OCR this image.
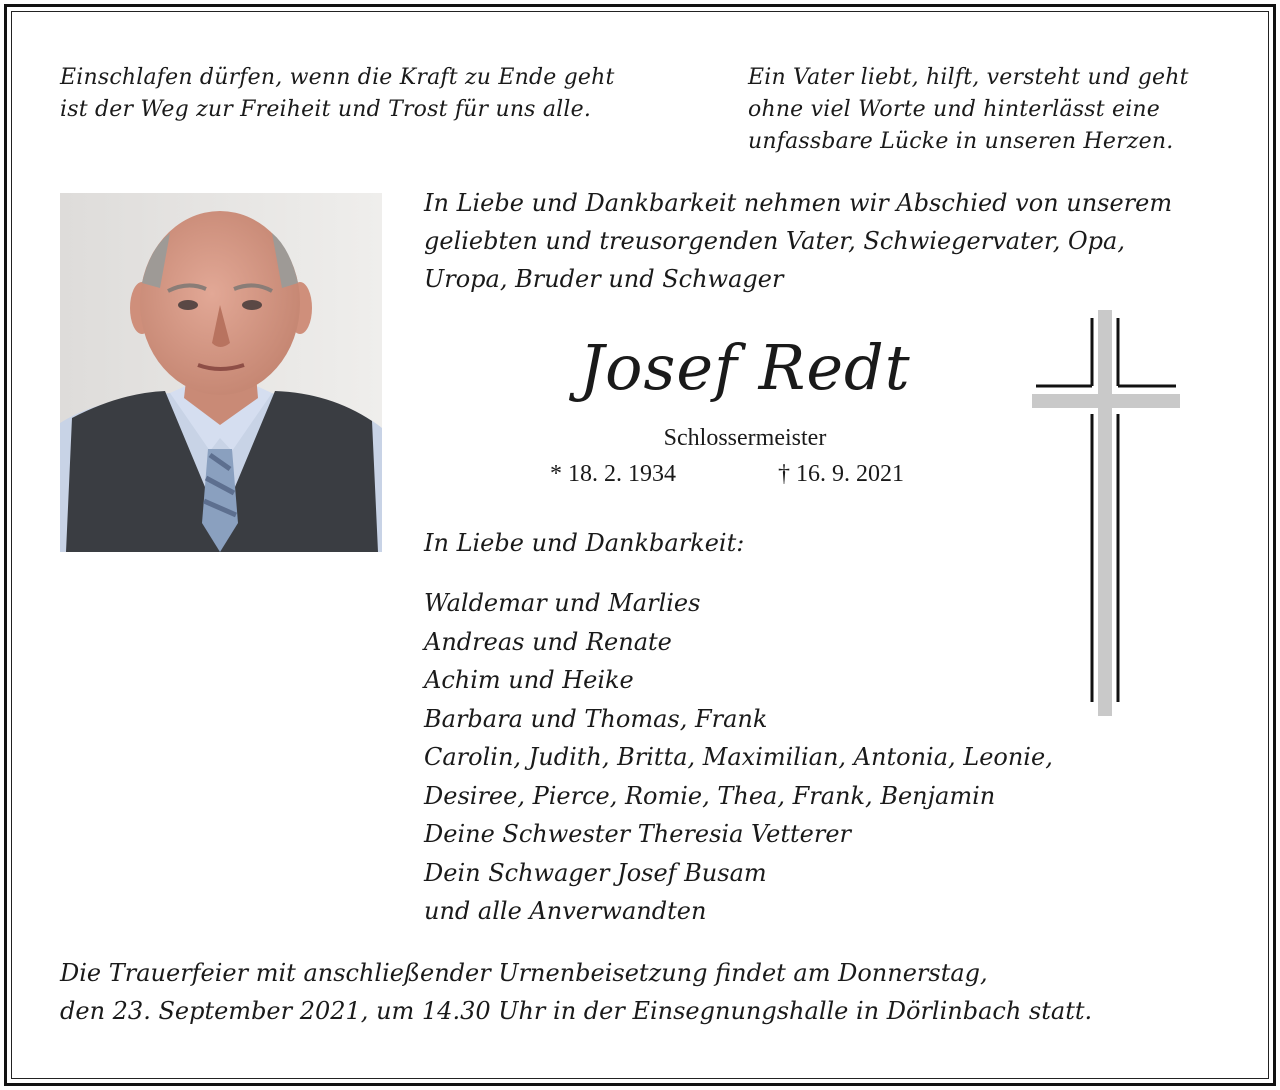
Einschlafen dürfen, wenn die Kraft zu Ende geht
ist der Weg zur Freiheit und Trost für uns alle.
Ein Vater liebt, hilft, versteht und geht
ohne viel Worte und hinterlässt eine
unfassbare Lücke in unseren Herzen.
In Liebe und Dankbarkeit nehmen wir Abschied von unserem
geliebten und treusorgenden Vater, Schwiegervater, Opa,
Uropa, Bruder und Schwager
Josef Redt
Schlossermeister
* 18. 2. 1934	† 16. 9. 2021
In Liebe und Dankbarkeit:
Waldemar und Marlies
Andreas und Renate
Achim und Heike
Barbara und Thomas, Frank
Carolin, Judith, Britta, Maximilian, Antonia, Leonie,
Desiree, Pierce, Romie, Thea, Frank, Benjamin
Deine Schwester Theresia Vetterer
Dein Schwager Josef Busam
und alle Anverwandten
Die Trauerfeier mit anschließender Urnenbeisetzung findet am Donnerstag,
den 23. September 2021, um 14.30 Uhr in der Einsegnungshalle in Dörlinbach statt.
